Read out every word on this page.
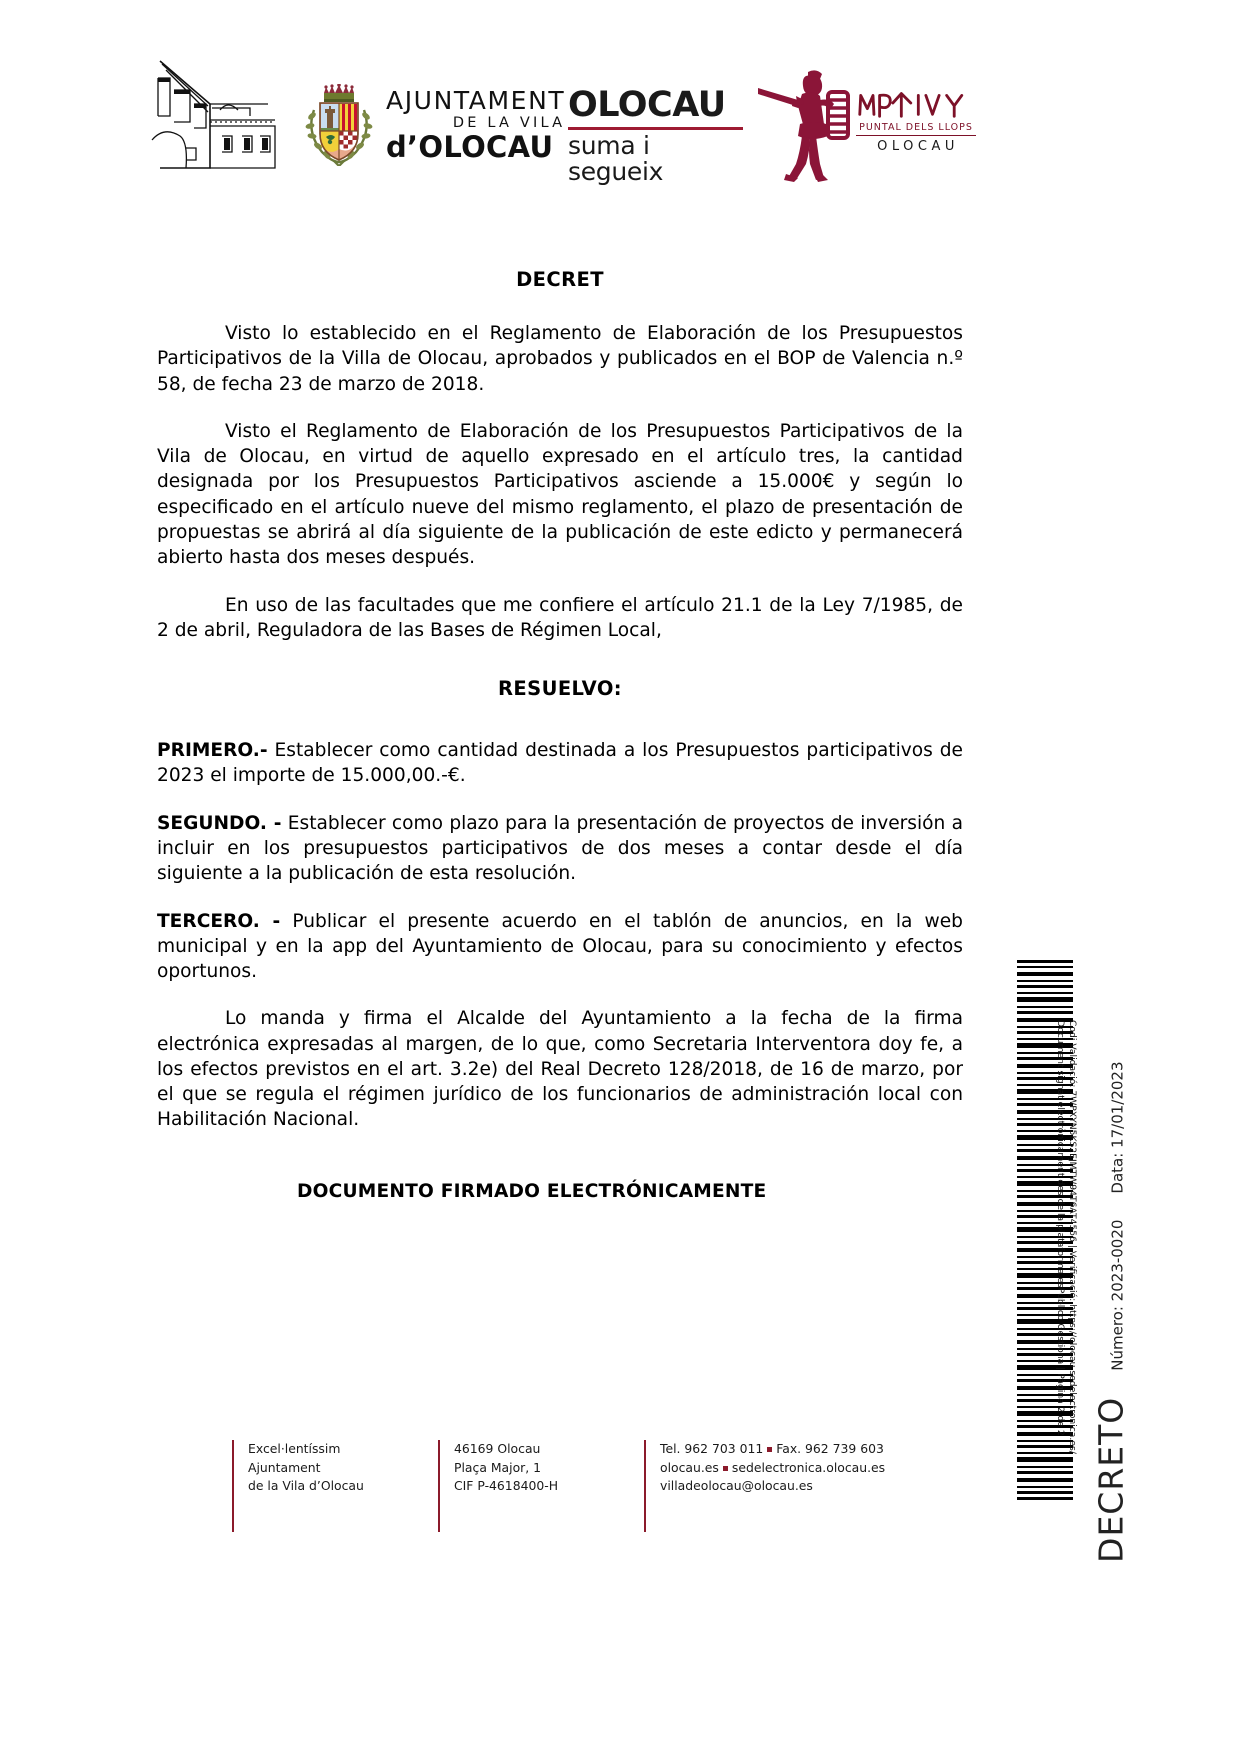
AJUNTAMENT
DE LA VILA
d’OLOCAU
OLOCAU
suma i segueix
PUNTAL DELS LLOPS
OLOCAU
DECRET

Visto lo establecido en el Reglamento de Elaboración de los Presupuestos Participativos de la Villa de Olocau, aprobados y publicados en el BOP de Valencia n.º 58, de fecha 23 de marzo de 2018.

Visto el Reglamento de Elaboración de los Presupuestos Participativos de la Vila de Olocau, en virtud de aquello expresado en el artículo tres, la cantidad designada por los Presupuestos Participativos asciende a 15.000€ y según lo especificado en el artículo nueve del mismo reglamento, el plazo de presentación de propuestas se abrirá al día siguiente de la publicación de este edicto y permanecerá abierto hasta dos meses después.

En uso de las facultades que me confiere el artículo 21.1 de la Ley 7/1985, de 2 de abril, Reguladora de las Bases de Régimen Local,

RESUELVO:

PRIMERO.- Establecer como cantidad destinada a los Presupuestos participativos de 2023 el importe de 15.000,00.-€.

SEGUNDO. - Establecer como plazo para la presentación de proyectos de inversión a incluir en los presupuestos participativos de dos meses a contar desde el día siguiente a la publicación de esta resolución.

TERCERO. - Publicar el presente acuerdo en el tablón de anuncios, en la web municipal y en la app del Ayuntamiento de Olocau, para su conocimiento y efectos oportunos.

Lo manda y firma el Alcalde del Ayuntamiento a la fecha de la firma electrónica expresadas al margen, de lo que, como Secretaria Interventora doy fe, a los efectos previstos en el art. 3.2e) del Real Decreto 128/2018, de 16 de marzo, por el que se regula el régimen jurídico de los funcionarios de administración local con Habilitación Nacional.

DOCUMENTO FIRMADO ELECTRÓNICAMENTE
DECRETO
Número: 2023-0020
Data: 17/01/2023
Codi Validació: 7WPXYN5KS2EJMTW94T6AT4556 | Verificació: https://olocau.sedelectronica.es/
Document signat electrònicament des de la plataforma esPúblico Gestiona | Pàgina 2 de 2
Excel·lentíssim
Ajuntament
de la Vila d’Olocau
46169 Olocau
Plaça Major, 1
CIF P-4618400-H
Tel. 962 703 011 Fax. 962 739 603
olocau.es sedelectronica.olocau.es
villadeolocau@olocau.es
